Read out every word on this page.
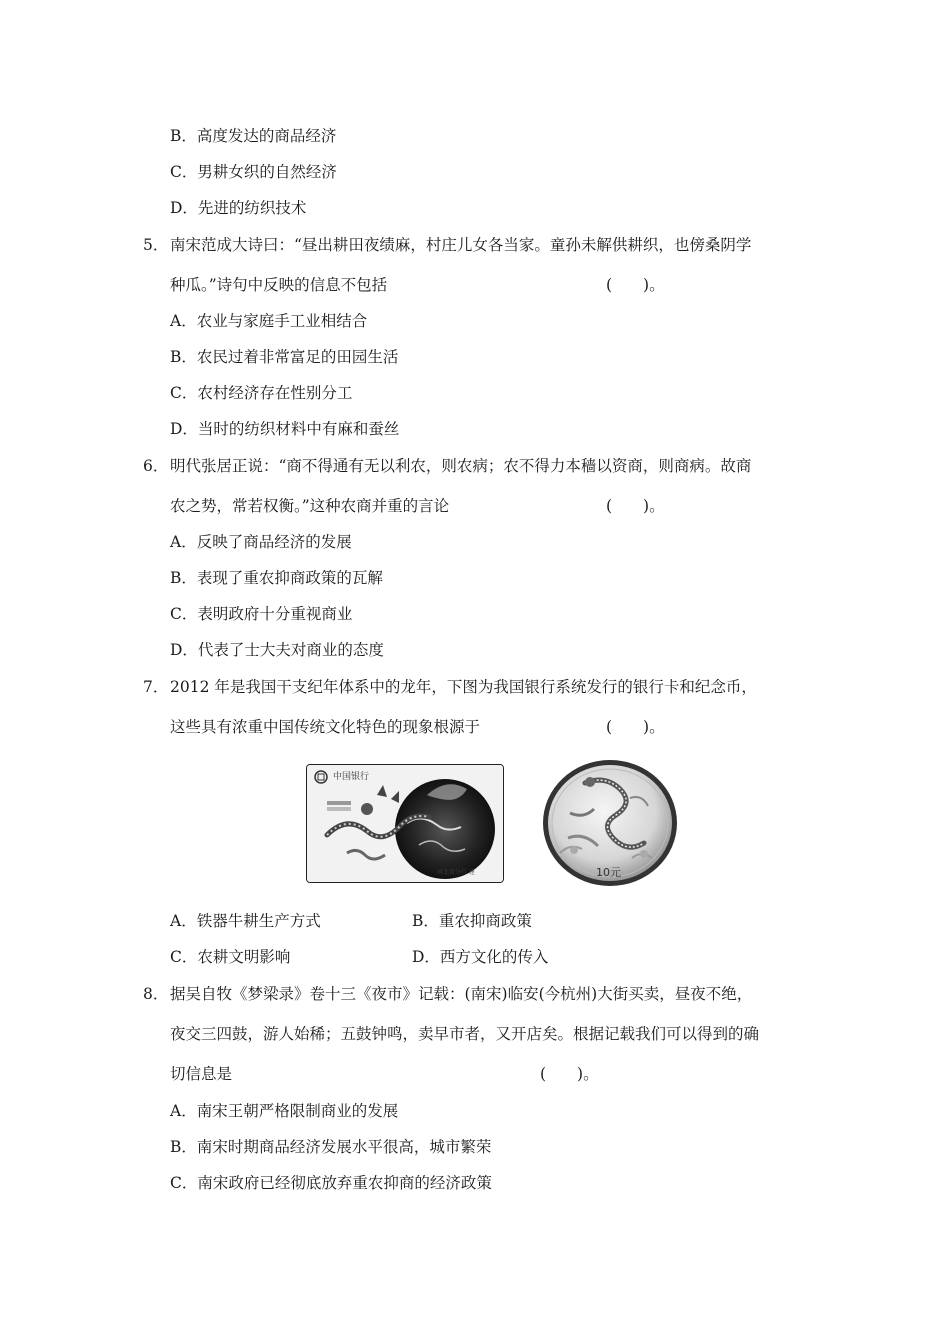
B．高度发达的商品经济
C．男耕女织的自然经济
D．先进的纺织技术
5． 南宋范成大诗曰：“昼出耕田夜绩麻，村庄儿女各当家。童孙未解供耕织，也傍桑阴学
种瓜。”诗句中反映的信息不包括	(　　)。
A．农业与家庭手工业相结合
B．农民过着非常富足的田园生活
C．农村经济存在性别分工
D．当时的纺织材料中有麻和蚕丝
6． 明代张居正说：“商不得通有无以利农，则农病；农不得力本穑以资商，则商病。故商
农之势，常若权衡。”这种农商并重的言论	(　　)。
A．反映了商品经济的发展
B．表现了重农抑商政策的瓦解
C．表明政府十分重视商业
D．代表了士大夫对商业的态度
7． 2012 年是我国干支纪年体系中的龙年，下图为我国银行系统发行的银行卡和纪念币，
这些具有浓重中国传统文化特色的现象根源于	(　　)。
中国银行
河北省分行 建	10元
A．铁器牛耕生产方式	B．重农抑商政策
C．农耕文明影响	D．西方文化的传入
8． 据吴自牧《梦梁录》卷十三《夜市》记载：(南宋)临安(今杭州)大街买卖，昼夜不绝，
夜交三四鼓，游人始稀；五鼓钟鸣，卖早市者，又开店矣。根据记载我们可以得到的确
切信息是	(　　)。
A．南宋王朝严格限制商业的发展
B．南宋时期商品经济发展水平很高，城市繁荣
C．南宋政府已经彻底放弃重农抑商的经济政策
